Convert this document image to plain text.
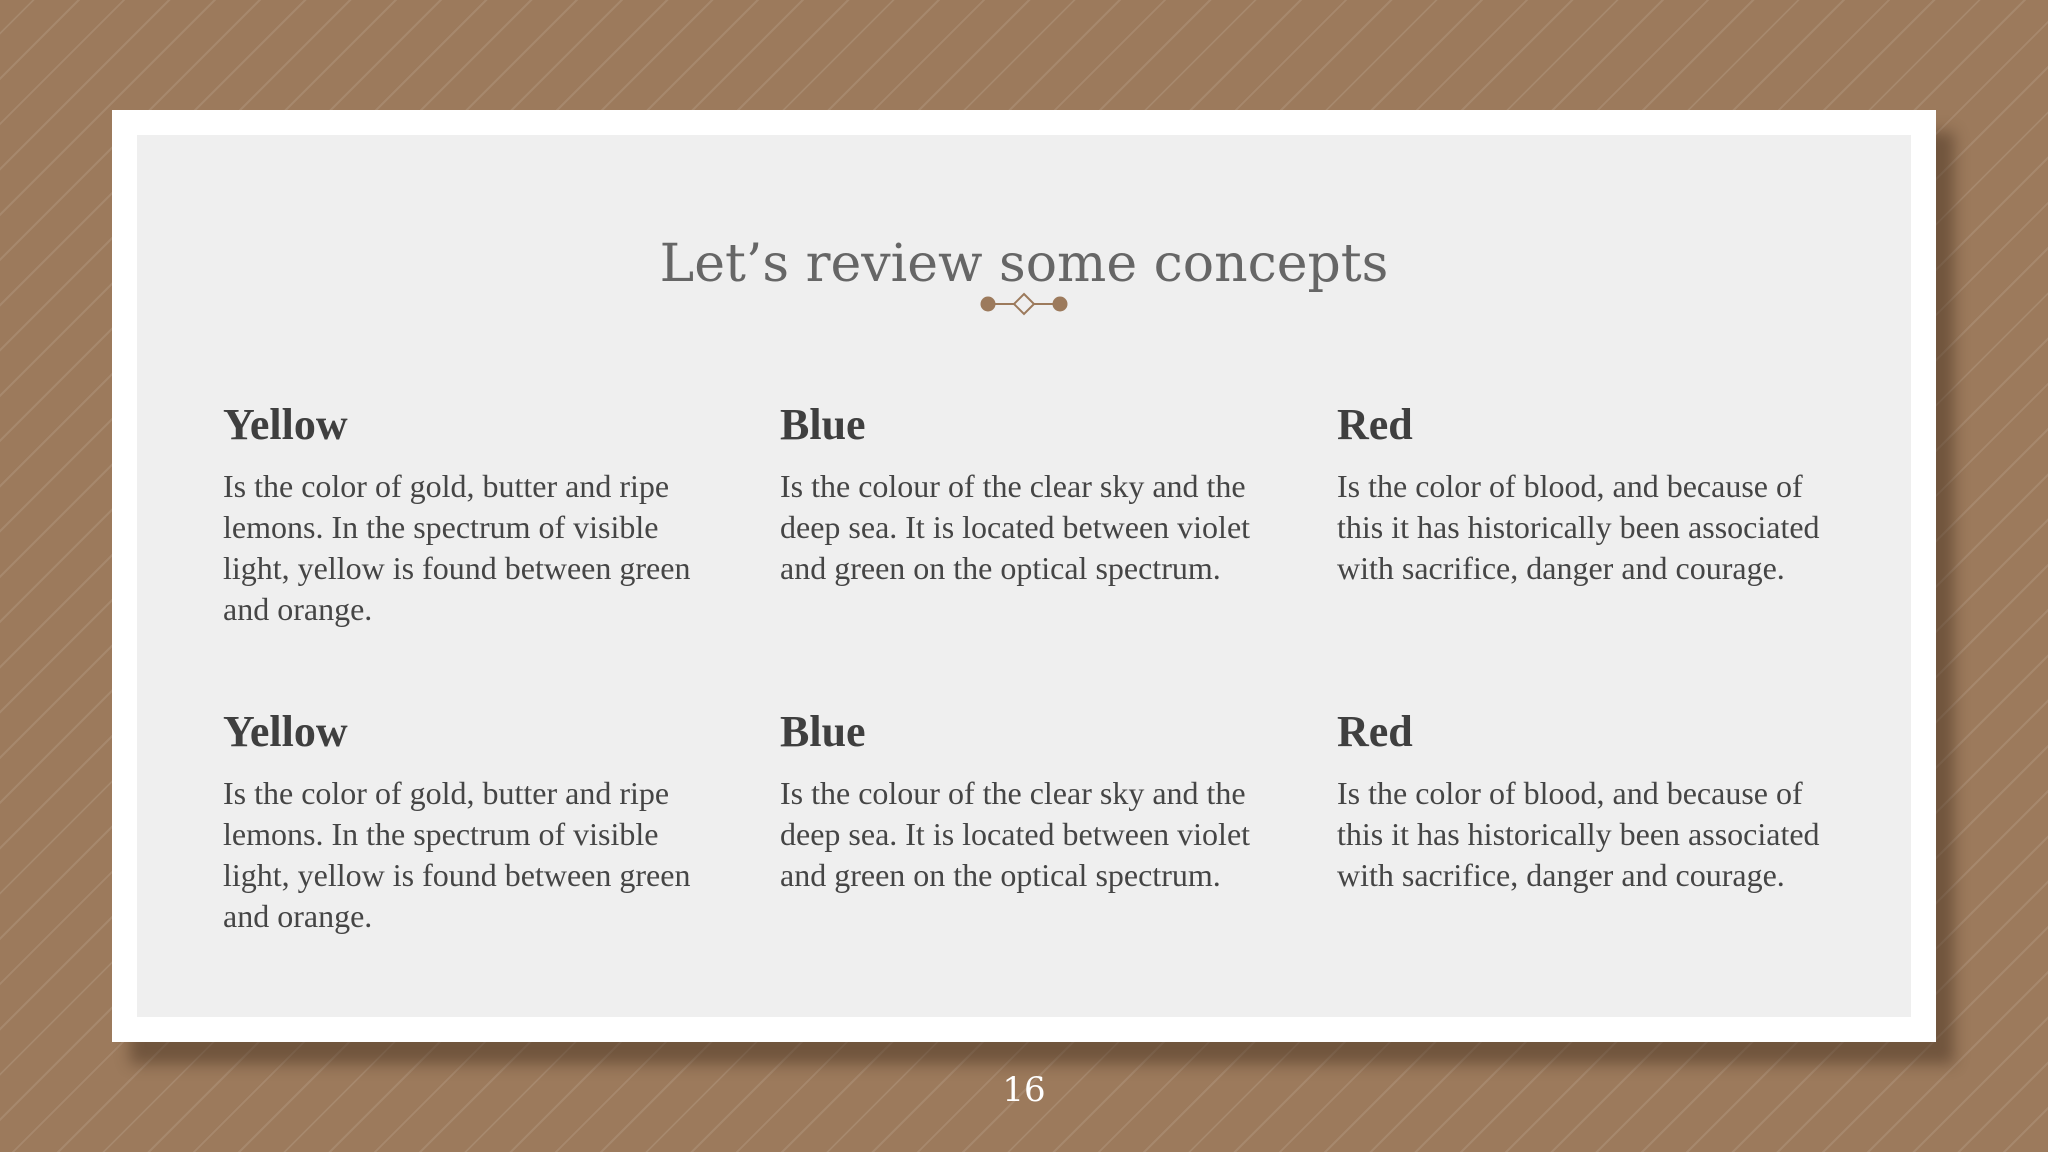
Let’s review some concepts
Yellow

Is the color of gold, butter and ripe lemons. In the spectrum of visible light, yellow is found between green and orange.

Blue

Is the colour of the clear sky and the deep sea. It is located between violet and green on the optical spectrum.

Red

Is the color of blood, and because of this it has historically been associated with sacrifice, danger and courage.

Yellow

Is the color of gold, butter and ripe lemons. In the spectrum of visible light, yellow is found between green and orange.

Blue

Is the colour of the clear sky and the deep sea. It is located between violet and green on the optical spectrum.

Red

Is the color of blood, and because of this it has historically been associated with sacrifice, danger and courage.

16
